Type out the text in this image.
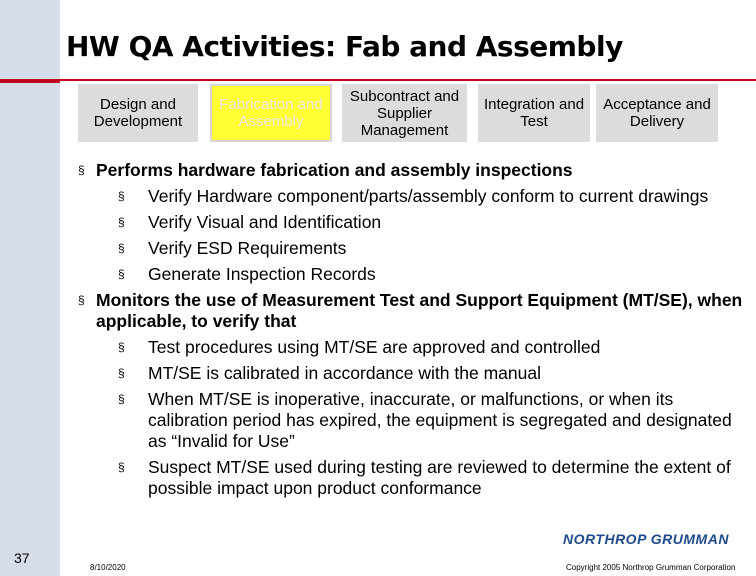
HW QA Activities: Fab and Assembly
Design and Development
Fabrication and Assembly
Subcontract and Supplier Management
Integration and Test
Acceptance and Delivery
§ Performs hardware fabrication and assembly inspections
§ Verify Hardware component/parts/assembly conform to current drawings
§ Verify Visual and Identification
§ Verify ESD Requirements
§ Generate Inspection Records
§ Monitors the use of Measurement Test and Support Equipment (MT/SE), when applicable, to verify that
§ Test procedures using MT/SE are approved and controlled
§ MT/SE is calibrated in accordance with the manual
§ When MT/SE is inoperative, inaccurate, or malfunctions, or when its calibration period has expired, the equipment is segregated and designated as “Invalid for Use”
§ Suspect MT/SE used during testing are reviewed to determine the extent of possible impact upon product conformance
37
8/10/2020
NORTHROP GRUMMAN
Copyright 2005 Northrop Grumman Corporation
